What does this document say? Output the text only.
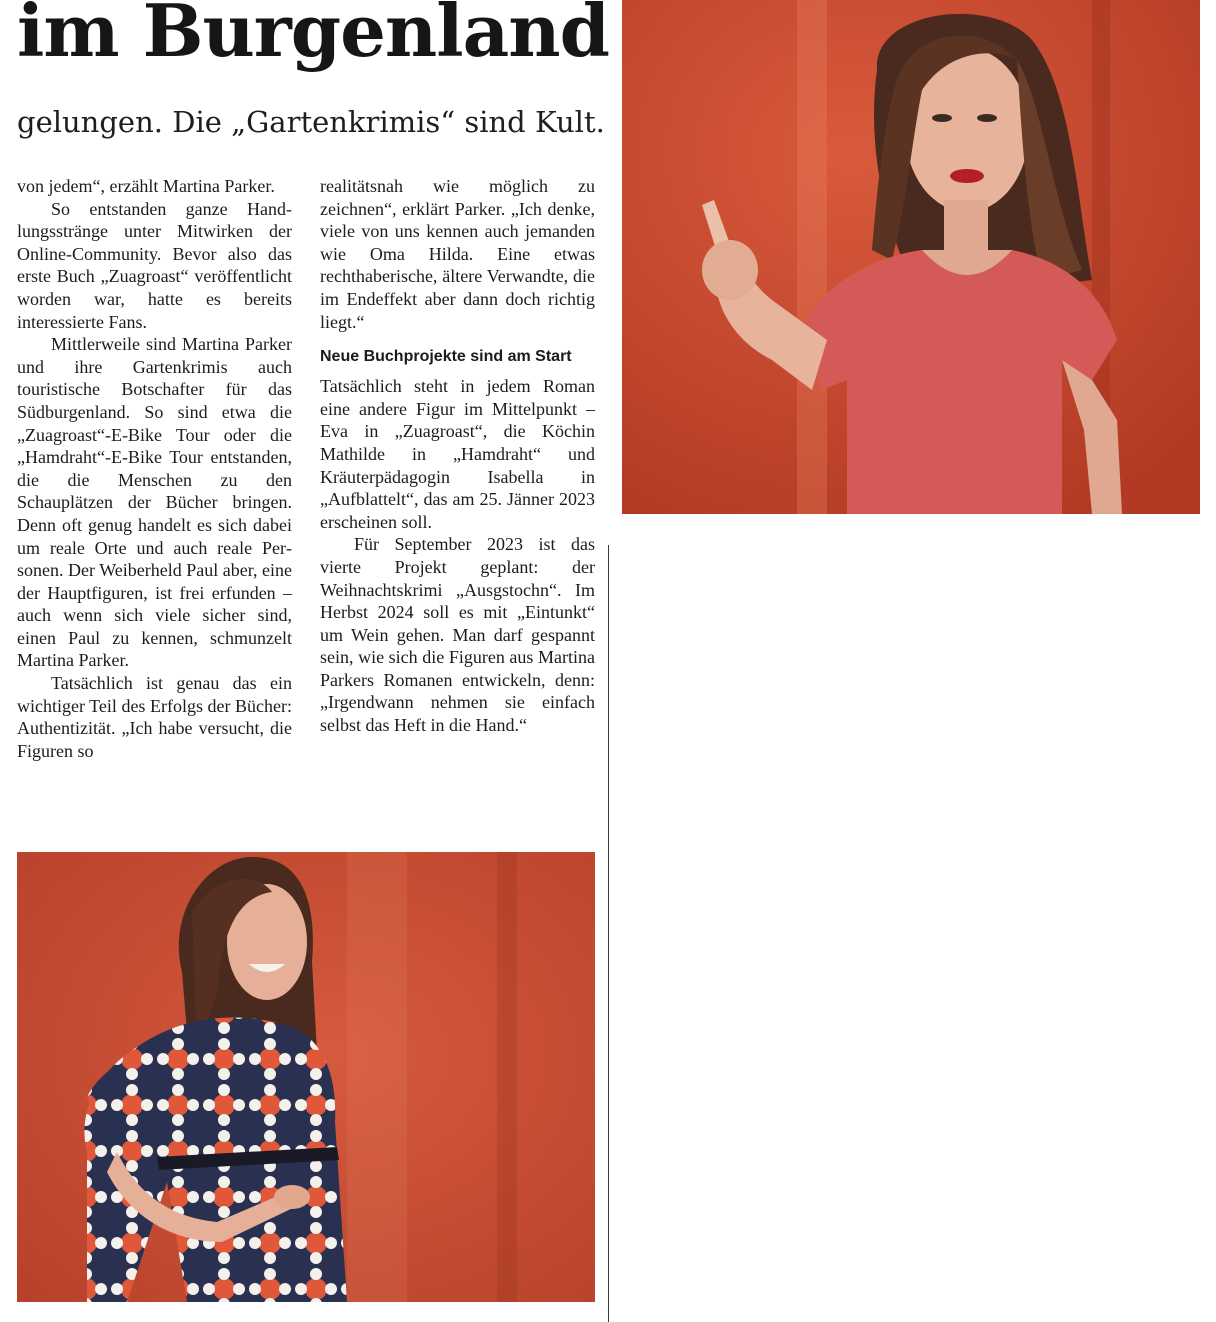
im Burgenland
gelungen. Die „Gartenkrimis“ sind Kult.

von jedem“, erzählt Martina Parker.

So entstanden ganze Handlungsstränge unter Mitwirken der Online-Community. Bevor also das erste Buch „Zuagroast“ veröffentlicht worden war, hatte es bereits interessierte Fans.

Mittlerweile sind Martina Parker und ihre Gartenkrimis auch touristische Botschafter für das Südburgenland. So sind etwa die „Zuagroast“-E-Bike Tour oder die „Hamdraht“-E-Bike Tour entstanden, die die Menschen zu den Schauplätzen der Bücher bringen. Denn oft genug handelt es sich dabei um reale Orte und auch reale Personen. Der Weiberheld Paul aber, eine der Hauptfiguren, ist frei erfunden – auch wenn sich viele sicher sind, einen Paul zu kennen, schmunzelt Martina Parker.

Tatsächlich ist genau das ein wichtiger Teil des Erfolgs der Bücher: Authentizität. „Ich habe versucht, die Figuren so

realitätsnah wie möglich zu zeichnen“, erklärt Parker. „Ich denke, viele von uns kennen auch jemanden wie Oma Hilda. Eine etwas rechthaberische, ältere Verwandte, die im Endeffekt aber dann doch richtig liegt.“

Neue Buchprojekte sind am Start

Tatsächlich steht in jedem Roman eine andere Figur im Mittelpunkt – Eva in „Zuagroast“, die Köchin Mathilde in „Hamdraht“ und Kräuterpädagogin Isabella in „Aufblattelt“, das am 25. Jänner 2023 erscheinen soll.

Für September 2023 ist das vierte Projekt geplant: der Weihnachtskrimi „Ausgstochn“. Im Herbst 2024 soll es mit „Eintunkt“ um Wein gehen. Man darf gespannt sein, wie sich die Figuren aus Martina Parkers Romanen entwickeln, denn: „Irgendwann nehmen sie einfach selbst das Heft in die Hand.“
